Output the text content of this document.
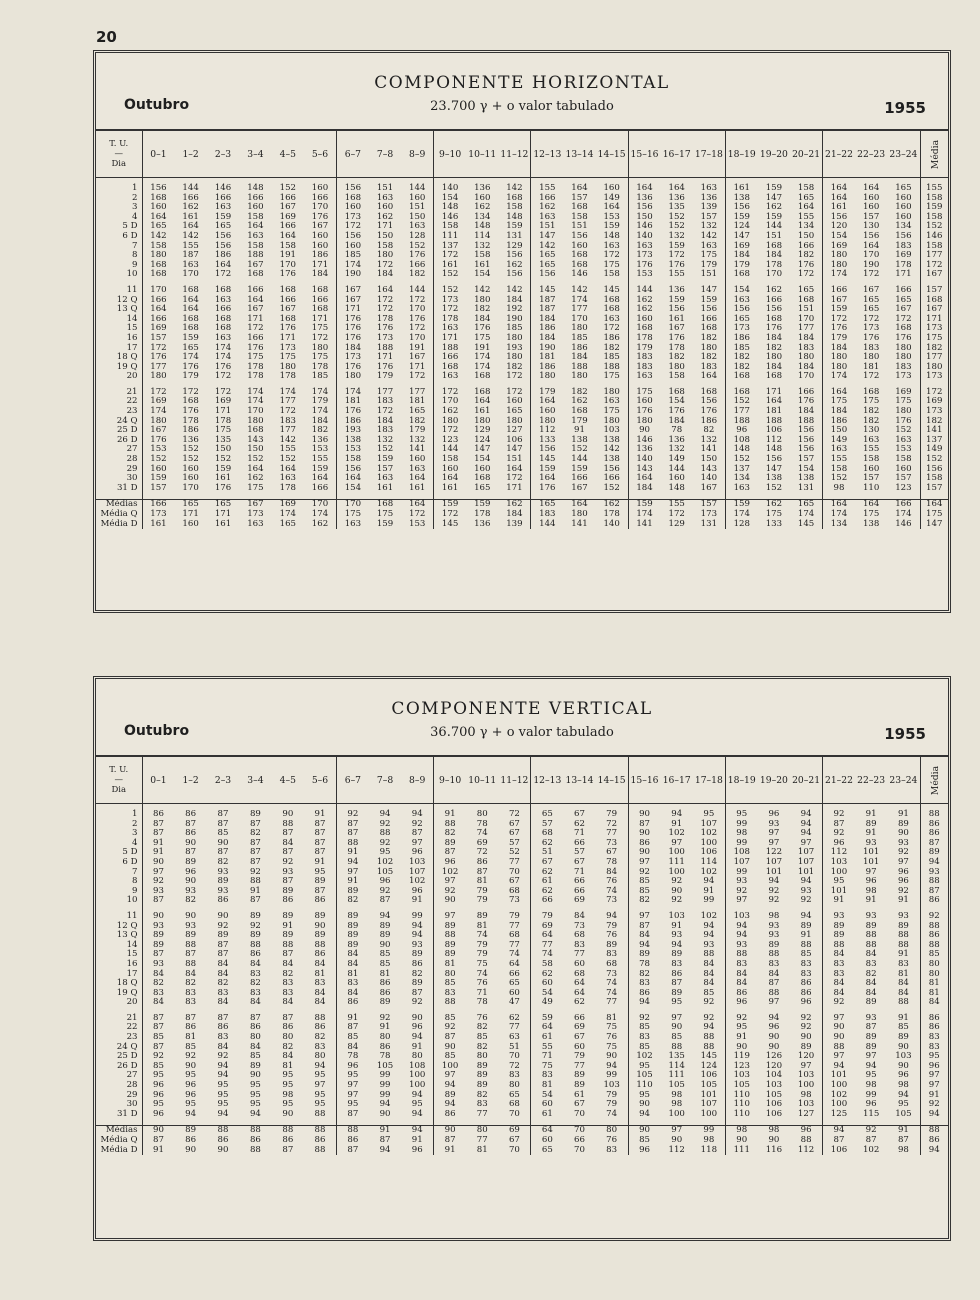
20
COMPONENTE HORIZONTAL
23.700 γ + o valor tabulado
Outubro	1955
T. U.
—
Dia	0–1	1–2	2–3	3–4	4–5	5–6	6–7	7–8	8–9	9–10	10–11	11–12	12–13	13–14	14–15	15–16	16–17	17–18	18–19	19–20	20–21	21–22	22–23	23–24	Média

1	156	144	146	148	152	160	156	151	144	140	136	142	155	164	160	164	164	163	161	159	158	164	164	165	155
2	168	166	166	166	166	166	168	163	160	154	160	168	166	157	149	136	136	136	138	147	165	164	160	160	158
3	160	162	163	160	167	170	160	160	151	148	162	158	162	168	164	156	135	139	156	162	164	161	160	160	159
4	164	161	159	158	169	176	173	162	150	146	134	148	163	158	153	150	152	157	159	159	155	156	157	160	158
5 D	165	164	165	164	166	167	172	171	163	158	148	159	151	151	159	146	152	132	124	144	134	120	130	134	152
6 D	142	142	156	163	164	160	156	150	128	111	114	131	147	156	148	140	132	142	147	151	150	154	156	156	146
7	158	155	156	158	158	160	160	158	152	137	132	129	142	160	163	163	159	163	169	168	166	169	164	183	158
8	180	187	186	188	191	186	185	180	176	172	158	156	165	168	172	173	172	175	184	184	182	180	170	169	177
9	168	163	164	167	170	171	174	172	166	161	161	162	165	168	175	176	176	179	179	178	176	180	190	178	172
10	168	170	172	168	176	184	190	184	182	152	154	156	156	146	158	153	155	151	168	170	172	174	172	171	167

11	170	168	168	166	168	168	167	164	144	152	142	142	145	142	145	144	136	147	154	162	165	166	167	166	157
12 Q	166	164	163	164	166	166	167	172	172	173	180	184	187	174	168	162	159	159	163	166	168	167	165	165	168
13 Q	164	164	166	167	167	168	171	172	170	172	182	192	187	177	168	162	156	156	156	156	151	159	165	167	167
14	166	168	168	171	168	171	176	178	176	178	184	190	184	170	163	160	161	166	165	168	170	172	172	172	171
15	169	168	168	172	176	175	176	176	172	163	176	185	186	180	172	168	167	168	173	176	177	176	173	168	173
16	157	159	163	166	171	172	176	173	170	171	175	180	184	185	186	178	176	182	186	184	184	179	176	176	175
17	172	165	174	176	173	180	184	188	191	188	191	193	190	186	182	179	178	180	185	182	183	184	183	180	182
18 Q	176	174	174	175	175	175	173	171	167	166	174	180	181	184	185	183	182	182	182	180	180	180	180	180	177
19 Q	177	176	176	178	180	178	176	176	171	168	174	182	186	188	188	183	180	183	182	184	184	180	181	183	180
20	180	179	172	178	178	185	180	179	172	163	168	172	180	180	175	163	158	164	168	168	170	174	172	173	173

21	172	172	172	174	174	174	174	177	177	172	168	172	179	182	180	175	168	168	168	171	166	164	168	169	172
22	169	168	169	174	177	179	181	183	181	170	164	160	164	162	163	160	154	156	152	164	176	175	175	175	169
23	174	176	171	170	172	174	176	172	165	162	161	165	160	168	175	176	176	176	177	181	184	184	182	180	173
24 Q	180	178	178	180	183	184	186	184	182	180	180	180	180	179	180	180	184	186	188	188	188	186	182	176	182
25 D	167	186	175	168	177	182	193	183	179	172	129	127	112	91	103	90	78	82	96	106	156	150	130	152	141
26 D	176	136	135	143	142	136	138	132	132	123	124	106	133	138	138	146	136	132	108	112	156	149	163	163	137
27	153	152	150	150	155	153	153	152	141	144	147	147	156	152	142	136	132	141	148	148	156	163	155	153	149
28	152	152	152	152	152	155	158	159	160	158	154	151	145	144	138	140	149	150	152	156	157	155	158	158	152
29	160	160	159	164	164	159	156	157	163	160	160	164	159	159	156	143	144	143	137	147	154	158	160	160	156
30	159	160	161	162	163	164	164	163	164	164	168	172	164	166	166	164	160	140	134	138	138	152	157	157	158
31 D	157	170	176	175	178	166	154	161	161	161	165	171	176	167	152	184	148	167	163	152	131	98	110	123	157

Médias	166	165	165	167	169	170	170	168	164	159	159	162	165	164	162	159	155	157	159	162	165	164	164	166	164
Média Q	173	171	171	173	174	174	175	175	172	172	178	184	183	180	178	174	172	173	174	175	174	174	175	174	175
Média D	161	160	161	163	165	162	163	159	153	145	136	139	144	141	140	141	129	131	128	133	145	134	138	146	147
COMPONENTE VERTICAL
36.700 γ + o valor tabulado
Outubro	1955
T. U.
—
Dia	0–1	1–2	2–3	3–4	4–5	5–6	6–7	7–8	8–9	9–10	10–11	11–12	12–13	13–14	14–15	15–16	16–17	17–18	18–19	19–20	20–21	21–22	22–23	23–24	Média

1	86	86	87	89	90	91	92	94	94	91	80	72	65	67	79	90	94	95	95	96	94	92	91	91	88
2	87	87	87	87	88	87	87	92	92	88	78	67	57	62	72	87	91	107	99	93	94	87	89	89	86
3	87	86	85	82	87	87	87	88	87	82	74	67	68	71	77	90	102	102	98	97	94	92	91	90	86
4	91	90	90	87	84	87	88	92	97	89	69	57	62	66	73	86	97	100	99	97	97	96	93	93	87
5 D	91	87	87	87	87	87	91	95	96	87	72	52	51	57	67	90	100	106	108	122	107	112	101	92	89
6 D	90	89	82	87	92	91	94	102	103	96	86	77	67	67	78	97	111	114	107	107	107	103	101	97	94
7	97	96	93	92	93	95	97	105	107	102	87	70	62	71	84	92	100	102	99	101	101	100	97	96	93
8	92	90	89	88	87	89	91	96	102	97	81	67	61	66	76	85	92	94	93	94	94	95	96	96	88
9	93	93	93	91	89	87	89	92	96	92	79	68	62	66	74	85	90	91	92	92	93	101	98	92	87
10	87	82	86	87	86	86	82	87	91	90	79	73	66	69	73	82	92	99	97	92	92	91	91	91	86

11	90	90	90	89	89	89	89	94	99	97	89	79	79	84	94	97	103	102	103	98	94	93	93	93	92
12 Q	93	93	92	92	91	90	89	89	94	89	81	77	69	73	79	87	91	94	94	93	89	89	89	89	88
13 Q	89	89	89	89	89	89	89	89	94	88	74	68	64	68	76	84	93	94	94	93	91	89	88	88	86
14	89	88	87	88	88	88	89	90	93	89	79	77	77	83	89	94	94	93	93	89	88	88	88	88	88
15	87	87	87	86	87	86	84	85	89	89	79	74	74	77	83	89	89	88	88	88	85	84	84	91	85
16	93	88	84	84	84	84	84	85	86	81	75	64	58	60	68	78	83	84	83	83	83	83	83	83	80
17	84	84	84	83	82	81	81	81	82	80	74	66	62	68	73	82	86	84	84	84	83	83	82	81	80
18 Q	82	82	82	82	83	83	83	86	89	85	76	65	60	64	74	83	87	84	84	87	86	84	84	84	81
19 Q	83	83	83	83	83	84	84	86	87	83	71	60	54	64	74	86	89	85	86	88	86	84	84	84	81
20	84	83	84	84	84	84	86	89	92	88	78	47	49	62	77	94	95	92	96	97	96	92	89	88	84

21	87	87	87	87	87	88	91	92	90	85	76	62	59	66	81	92	97	92	92	94	92	97	93	91	86
22	87	86	86	86	86	86	87	91	96	92	82	77	64	69	75	85	90	94	95	96	92	90	87	85	86
23	85	81	83	80	80	82	85	80	94	87	85	63	61	67	76	83	85	88	91	90	90	90	89	89	83
24 Q	87	85	84	84	82	83	84	86	91	90	82	51	55	60	75	85	88	88	90	90	89	88	89	90	83
25 D	92	92	92	85	84	80	78	78	80	85	80	70	71	79	90	102	135	145	119	126	120	97	97	103	95
26 D	85	90	94	89	81	94	96	105	108	100	89	72	75	77	94	95	114	124	123	120	97	94	94	90	96
27	95	95	94	90	95	95	95	99	100	97	89	83	83	89	99	105	111	106	103	104	103	101	95	96	97
28	96	96	95	95	95	97	97	99	100	94	89	80	81	89	103	110	105	105	105	103	100	100	98	98	97
29	96	96	95	95	98	95	97	99	94	89	82	65	54	61	79	95	98	101	110	105	98	102	99	94	91
30	95	95	95	95	95	95	95	94	95	94	83	68	60	67	79	90	98	107	110	106	103	100	96	95	92
31 D	96	94	94	94	90	88	87	90	94	86	77	70	61	70	74	94	100	100	110	106	127	125	115	105	94

Médias	90	89	88	88	88	88	88	91	94	90	80	69	64	70	80	90	97	99	98	98	96	94	92	91	88
Média Q	87	86	86	86	86	86	86	87	91	87	77	67	60	66	76	85	90	98	90	90	88	87	87	87	86
Média D	91	90	90	88	87	88	87	94	96	91	81	70	65	70	83	96	112	118	111	116	112	106	102	98	94
